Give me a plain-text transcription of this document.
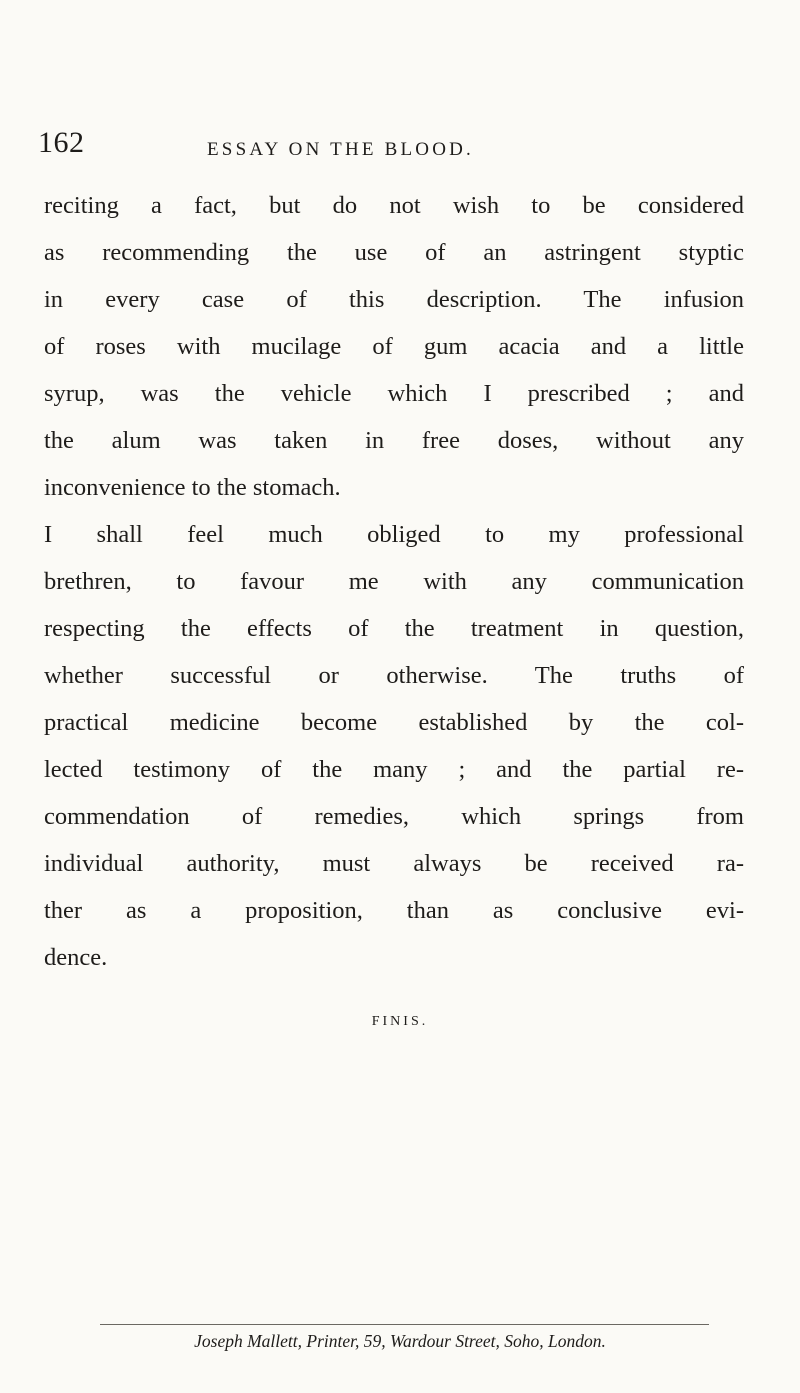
162	ESSAY ON THE BLOOD.
reciting a fact, but do not wish to be considered
as recommending the use of an astringent styptic
in every case of this description. The infusion
of roses with mucilage of gum acacia and a little
syrup, was the vehicle which I prescribed ; and
the alum was taken in free doses, without any
inconvenience to the stomach.
I shall feel much obliged to my professional
brethren, to favour me with any communication
respecting the effects of the treatment in question,
whether successful or otherwise. The truths of
practical medicine become established by the col-
lected testimony of the many ; and the partial re-
commendation of remedies, which springs from
individual authority, must always be received ra-
ther as a proposition, than as conclusive evi-
dence.
FINIS.
Joseph Mallett, Printer, 59, Wardour Street, Soho, London.
